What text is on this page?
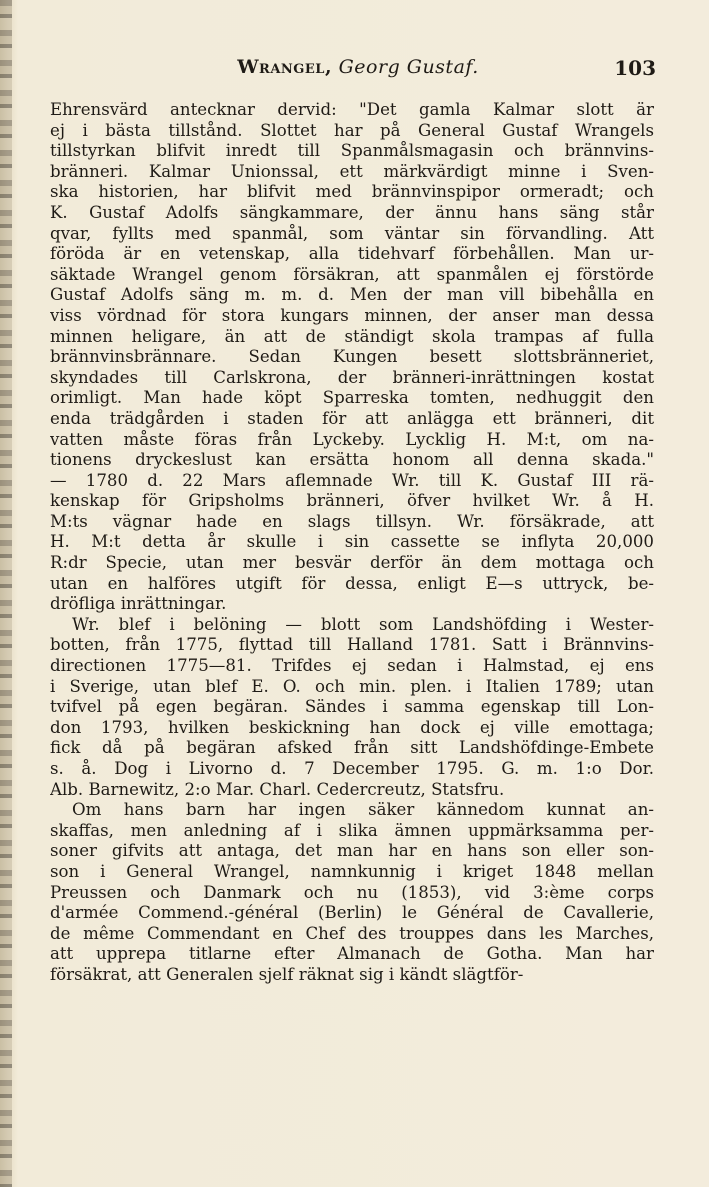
Wrangel, Georg Gustaf.	103
Ehrensvärd antecknar dervid: "Det gamla Kalmar slott är
ej i bästa tillstånd. Slottet har på General Gustaf Wrangels
tillstyrkan blifvit inredt till Spanmålsmagasin och brännvins-
bränneri. Kalmar Unionssal, ett märkvärdigt minne i Sven-
ska historien, har blifvit med brännvinspipor ormeradt; och
K. Gustaf Adolfs sängkammare, der ännu hans säng står
qvar, fyllts med spanmål, som väntar sin förvandling. Att
föröda är en vetenskap, alla tidehvarf förbehållen. Man ur-
säktade Wrangel genom försäkran, att spanmålen ej förstörde
Gustaf Adolfs säng m. m. d. Men der man vill bibehålla en
viss vördnad för stora kungars minnen, der anser man dessa
minnen heligare, än att de ständigt skola trampas af fulla
brännvinsbrännare. Sedan Kungen besett slottsbränneriet,
skyndades till Carlskrona, der bränneri-inrättningen kostat
orimligt. Man hade köpt Sparreska tomten, nedhuggit den
enda trädgården i staden för att anlägga ett bränneri, dit
vatten måste föras från Lyckeby. Lycklig H. M:t, om na-
tionens dryckeslust kan ersätta honom all denna skada."
— 1780 d. 22 Mars aflemnade Wr. till K. Gustaf III rä-
kenskap för Gripsholms bränneri, öfver hvilket Wr. å H.
M:ts vägnar hade en slags tillsyn. Wr. försäkrade, att
H. M:t detta år skulle i sin cassette se inflyta 20,000
R:dr Specie, utan mer besvär derför än dem mottaga och
utan en halföres utgift för dessa, enligt E—s uttryck, be-
dröfliga inrättningar.
Wr. blef i belöning — blott som Landshöfding i Wester-
botten, från 1775, flyttad till Halland 1781. Satt i Brännvins-
directionen 1775—81. Trifdes ej sedan i Halmstad, ej ens
i Sverige, utan blef E. O. och min. plen. i Italien 1789; utan
tvifvel på egen begäran. Sändes i samma egenskap till Lon-
don 1793, hvilken beskickning han dock ej ville emottaga;
fick då på begäran afsked från sitt Landshöfdinge-Embete
s. å. Dog i Livorno d. 7 December 1795. G. m. 1:o Dor.
Alb. Barnewitz, 2:o Mar. Charl. Cedercreutz, Statsfru.
Om hans barn har ingen säker kännedom kunnat an-
skaffas, men anledning af i slika ämnen uppmärksamma per-
soner gifvits att antaga, det man har en hans son eller son-
son i General Wrangel, namnkunnig i kriget 1848 mellan
Preussen och Danmark och nu (1853), vid 3:ème corps
d'armée Commend.-général (Berlin) le Général de Cavallerie,
de même Commendant en Chef des trouppes dans les Marches,
att upprepa titlarne efter Almanach de Gotha. Man har
försäkrat, att Generalen sjelf räknat sig i kändt slägtför-
